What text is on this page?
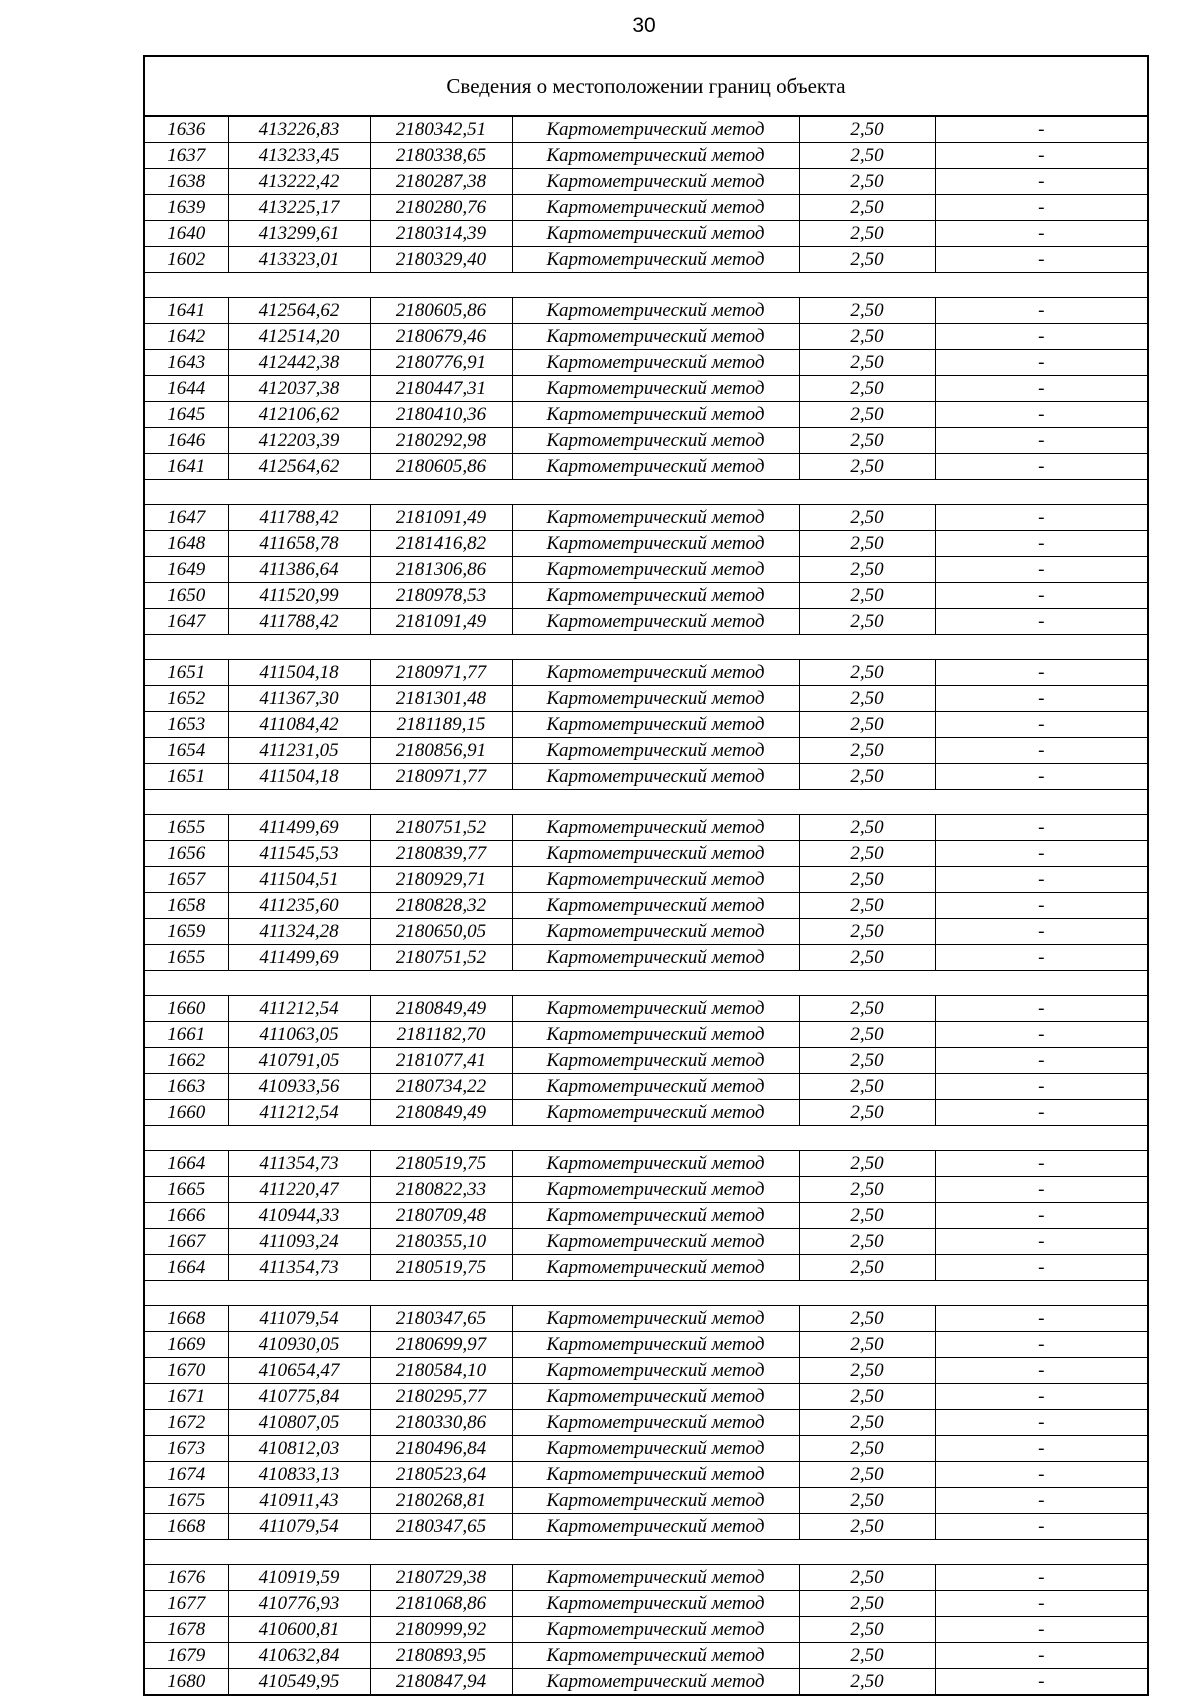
30
Сведения о местоположении границ объекта
1636	413226,83	2180342,51	Картометрический метод	2,50	-
1637	413233,45	2180338,65	Картометрический метод	2,50	-
1638	413222,42	2180287,38	Картометрический метод	2,50	-
1639	413225,17	2180280,76	Картометрический метод	2,50	-
1640	413299,61	2180314,39	Картометрический метод	2,50	-
1602	413323,01	2180329,40	Картометрический метод	2,50	-

1641	412564,62	2180605,86	Картометрический метод	2,50	-
1642	412514,20	2180679,46	Картометрический метод	2,50	-
1643	412442,38	2180776,91	Картометрический метод	2,50	-
1644	412037,38	2180447,31	Картометрический метод	2,50	-
1645	412106,62	2180410,36	Картометрический метод	2,50	-
1646	412203,39	2180292,98	Картометрический метод	2,50	-
1641	412564,62	2180605,86	Картометрический метод	2,50	-

1647	411788,42	2181091,49	Картометрический метод	2,50	-
1648	411658,78	2181416,82	Картометрический метод	2,50	-
1649	411386,64	2181306,86	Картометрический метод	2,50	-
1650	411520,99	2180978,53	Картометрический метод	2,50	-
1647	411788,42	2181091,49	Картометрический метод	2,50	-

1651	411504,18	2180971,77	Картометрический метод	2,50	-
1652	411367,30	2181301,48	Картометрический метод	2,50	-
1653	411084,42	2181189,15	Картометрический метод	2,50	-
1654	411231,05	2180856,91	Картометрический метод	2,50	-
1651	411504,18	2180971,77	Картометрический метод	2,50	-

1655	411499,69	2180751,52	Картометрический метод	2,50	-
1656	411545,53	2180839,77	Картометрический метод	2,50	-
1657	411504,51	2180929,71	Картометрический метод	2,50	-
1658	411235,60	2180828,32	Картометрический метод	2,50	-
1659	411324,28	2180650,05	Картометрический метод	2,50	-
1655	411499,69	2180751,52	Картометрический метод	2,50	-

1660	411212,54	2180849,49	Картометрический метод	2,50	-
1661	411063,05	2181182,70	Картометрический метод	2,50	-
1662	410791,05	2181077,41	Картометрический метод	2,50	-
1663	410933,56	2180734,22	Картометрический метод	2,50	-
1660	411212,54	2180849,49	Картометрический метод	2,50	-

1664	411354,73	2180519,75	Картометрический метод	2,50	-
1665	411220,47	2180822,33	Картометрический метод	2,50	-
1666	410944,33	2180709,48	Картометрический метод	2,50	-
1667	411093,24	2180355,10	Картометрический метод	2,50	-
1664	411354,73	2180519,75	Картометрический метод	2,50	-

1668	411079,54	2180347,65	Картометрический метод	2,50	-
1669	410930,05	2180699,97	Картометрический метод	2,50	-
1670	410654,47	2180584,10	Картометрический метод	2,50	-
1671	410775,84	2180295,77	Картометрический метод	2,50	-
1672	410807,05	2180330,86	Картометрический метод	2,50	-
1673	410812,03	2180496,84	Картометрический метод	2,50	-
1674	410833,13	2180523,64	Картометрический метод	2,50	-
1675	410911,43	2180268,81	Картометрический метод	2,50	-
1668	411079,54	2180347,65	Картометрический метод	2,50	-

1676	410919,59	2180729,38	Картометрический метод	2,50	-
1677	410776,93	2181068,86	Картометрический метод	2,50	-
1678	410600,81	2180999,92	Картометрический метод	2,50	-
1679	410632,84	2180893,95	Картометрический метод	2,50	-
1680	410549,95	2180847,94	Картометрический метод	2,50	-
